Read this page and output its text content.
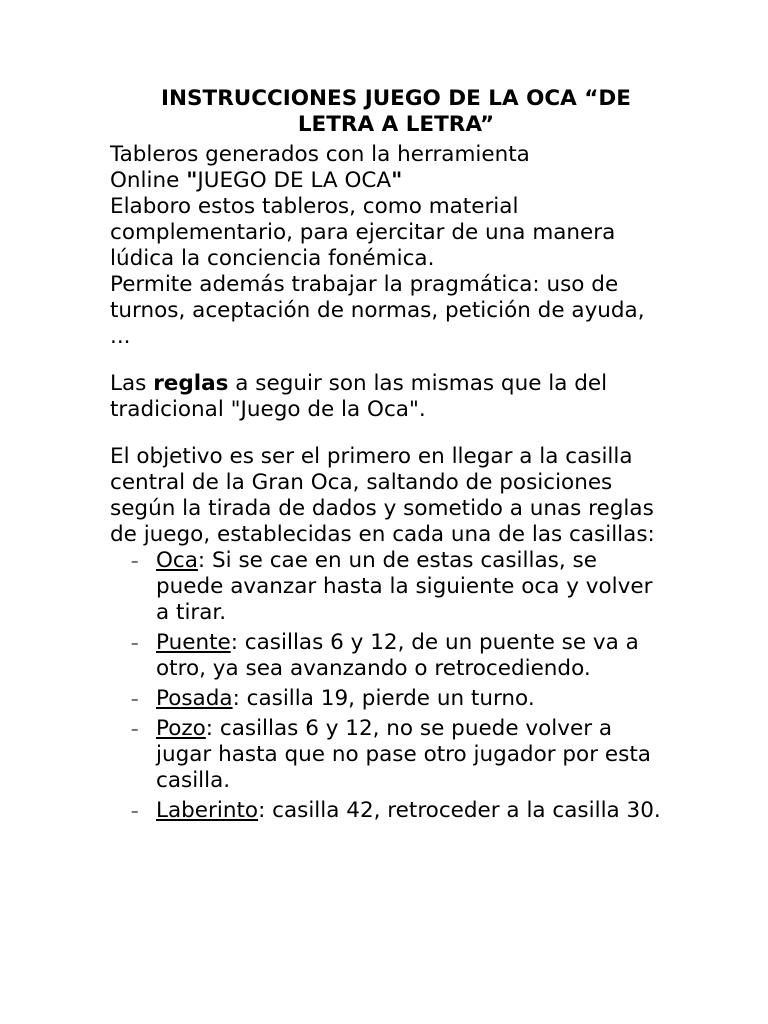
INSTRUCCIONES JUEGO DE LA OCA “DE LETRA A LETRA”

Tableros generados con la herramienta

Online "JUEGO DE LA OCA"

Elaboro estos tableros, como material complementario, para ejercitar de una manera lúdica la conciencia fonémica.

Permite además trabajar la pragmática: uso de turnos, aceptación de normas, petición de ayuda, ...

Las reglas a seguir son las mismas que la del tradicional "Juego de la Oca".

El objetivo es ser el primero en llegar a la casilla central de la Gran Oca, saltando de posiciones según la tirada de dados y sometido a unas reglas de juego, establecidas en cada una de las casillas:

– Oca: Si se cae en un de estas casillas, se puede avanzar hasta la siguiente oca y volver a tirar.
– Puente: casillas 6 y 12, de un puente se va a otro, ya sea avanzando o retrocediendo.
– Posada: casilla 19, pierde un turno.
– Pozo: casillas 6 y 12, no se puede volver a jugar hasta que no pase otro jugador por esta casilla.
– Laberinto: casilla 42, retroceder a la casilla 30.
